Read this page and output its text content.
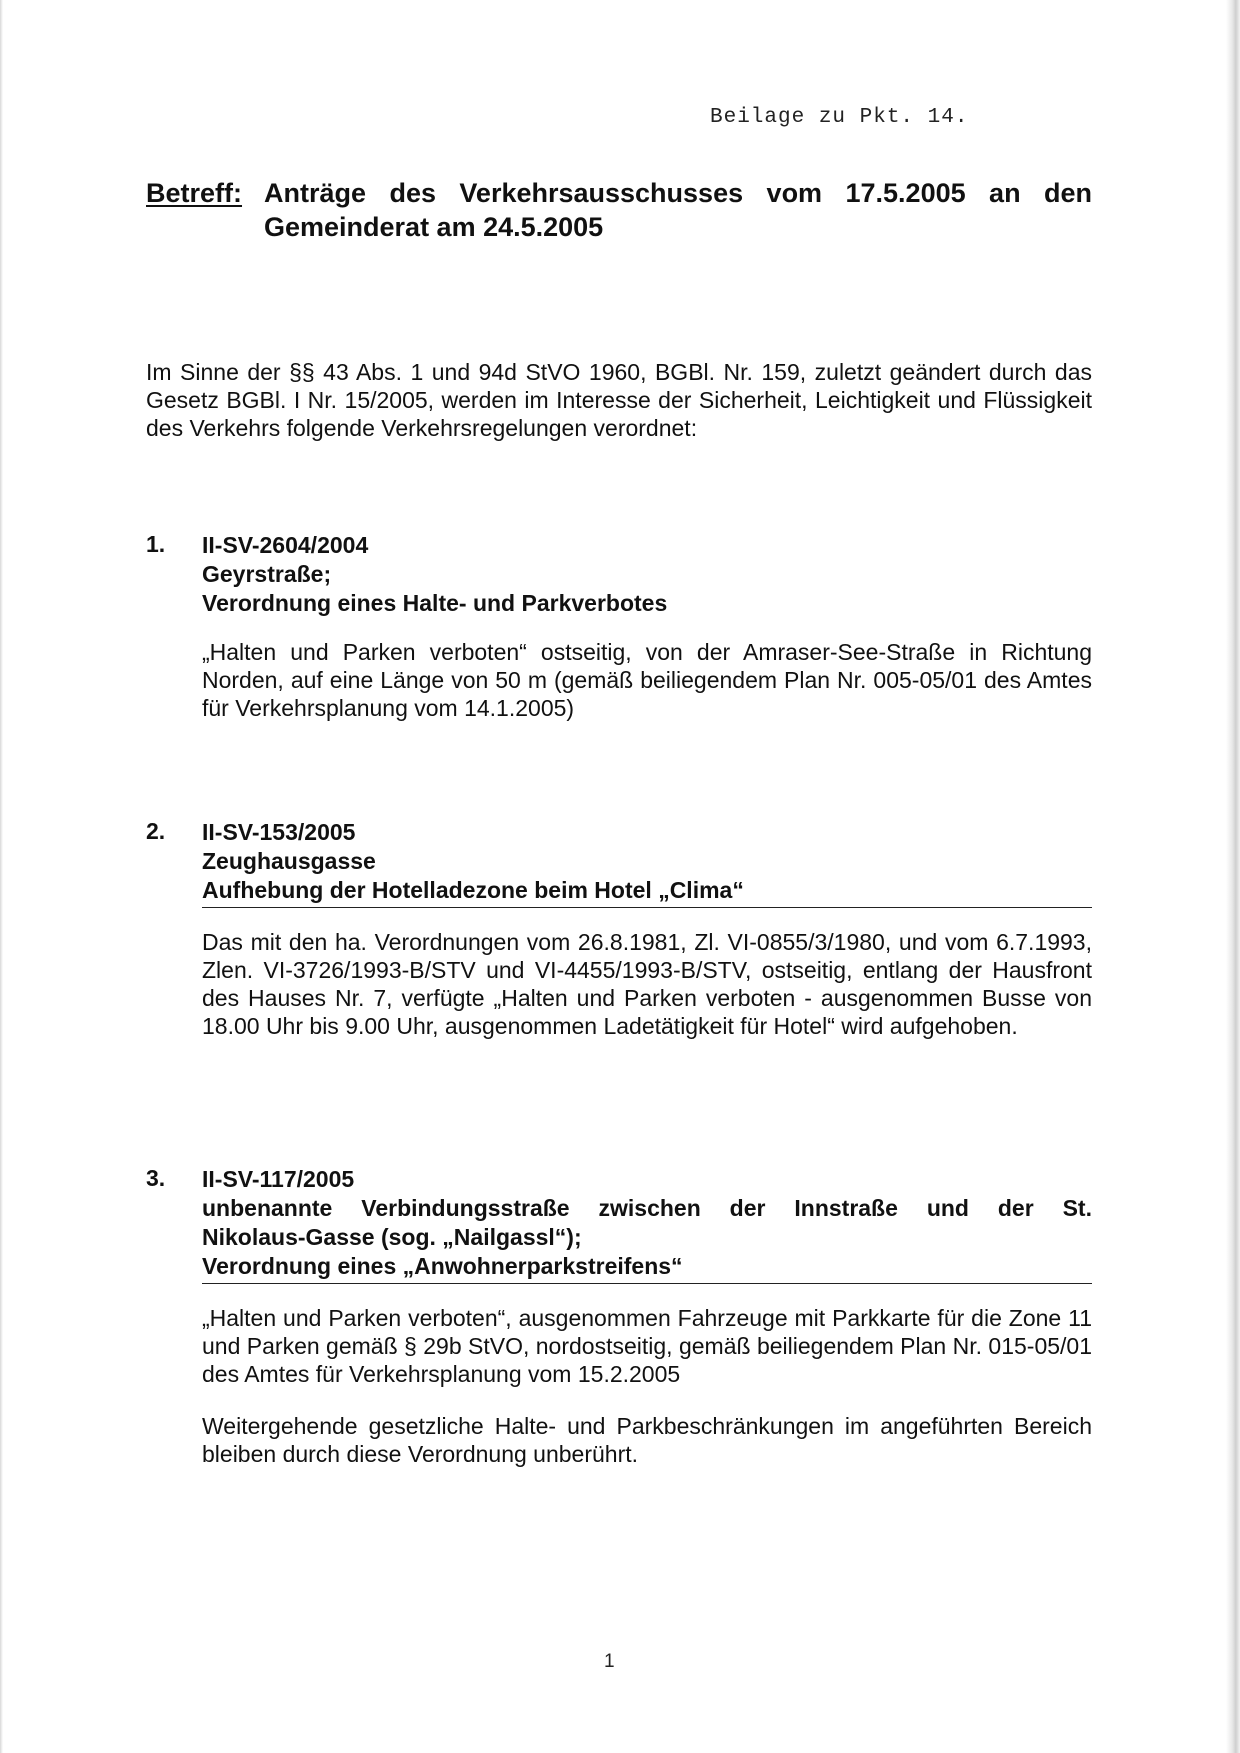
Beilage zu Pkt. 14.
Betreff: Anträge des Verkehrsausschusses vom 17.5.2005 an den Gemeinderat am 24.5.2005
Im Sinne der §§ 43 Abs. 1 und 94d StVO 1960, BGBl. Nr. 159, zuletzt geändert durch das Gesetz BGBl. I Nr. 15/2005, werden im Interesse der Sicherheit, Leichtigkeit und Flüssigkeit des Verkehrs folgende Verkehrsregelungen verordnet:
1. II-SV-2604/2004
Geyrstraße;
Verordnung eines Halte- und Parkverbotes

„Halten und Parken verboten“ ostseitig, von der Amraser-See-Straße in Richtung Norden, auf eine Länge von 50 m (gemäß beiliegendem Plan Nr. 005-05/01 des Amtes für Verkehrsplanung vom 14.1.2005)

2. II-SV-153/2005
Zeughausgasse
Aufhebung der Hotelladezone beim Hotel „Clima“

Das mit den ha. Verordnungen vom 26.8.1981, Zl. VI-0855/3/1980, und vom 6.7.1993, Zlen. VI-3726/1993-B/STV und VI-4455/1993-B/STV, ostseitig, entlang der Hausfront des Hauses Nr. 7, verfügte „Halten und Parken verboten - ausgenommen Busse von 18.00 Uhr bis 9.00 Uhr, ausgenommen Ladetätigkeit für Hotel“ wird aufgehoben.

3. II-SV-117/2005
unbenannte Verbindungsstraße zwischen der Innstraße und der St.
Nikolaus-Gasse (sog. „Nailgassl“);
Verordnung eines „Anwohnerparkstreifens“

„Halten und Parken verboten“, ausgenommen Fahrzeuge mit Parkkarte für die Zone 11 und Parken gemäß § 29b StVO, nordostseitig, gemäß beiliegendem Plan Nr. 015-05/01 des Amtes für Verkehrsplanung vom 15.2.2005

Weitergehende gesetzliche Halte- und Parkbeschränkungen im angeführten Bereich bleiben durch diese Verordnung unberührt.

1
